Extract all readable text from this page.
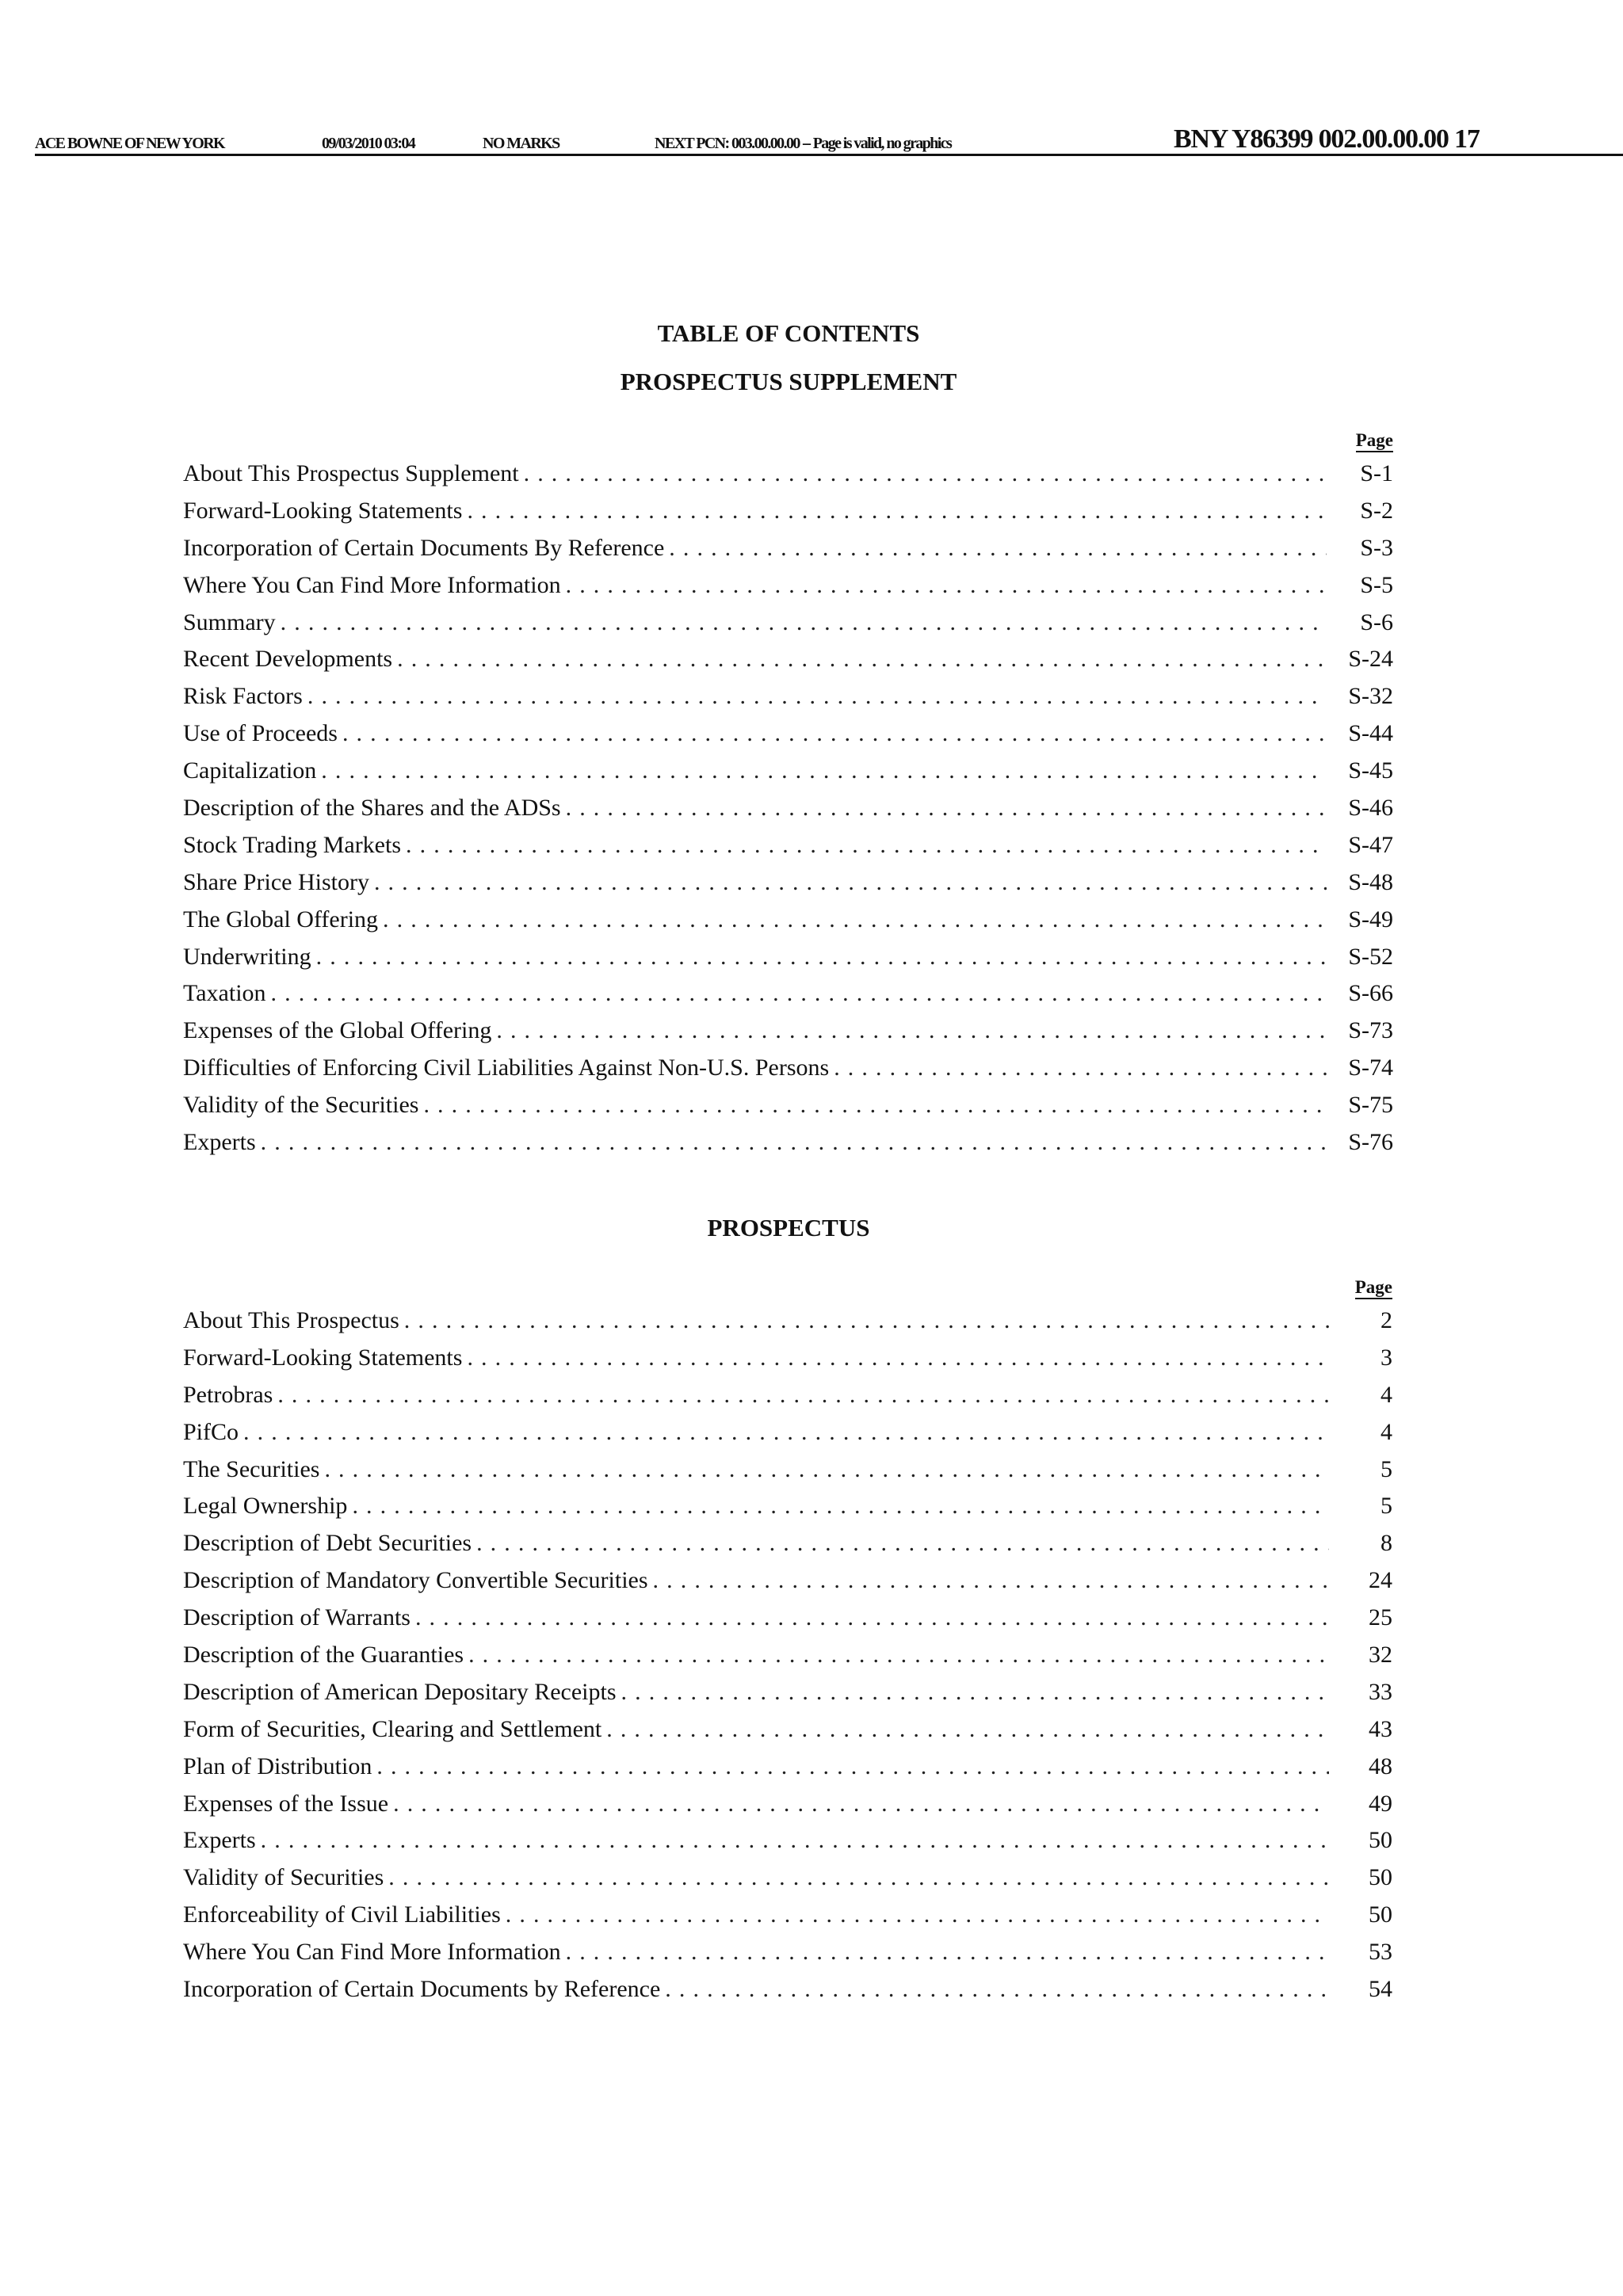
ACE BOWNE OF NEW YORK	09/03/2010 03:04	NO MARKS	NEXT PCN: 003.00.00.00 -- Page is valid, no graphics	BNY Y86399 002.00.00.00 17
TABLE OF CONTENTS
PROSPECTUS SUPPLEMENT
Page
About This Prospectus Supplement . . .	S-1
Forward-Looking Statements . . .	S-2
Incorporation of Certain Documents By Reference . . .	S-3
Where You Can Find More Information . . .	S-5
Summary . . .	S-6
Recent Developments . . .	S-24
Risk Factors . . .	S-32
Use of Proceeds . . .	S-44
Capitalization . . .	S-45
Description of the Shares and the ADSs . . .	S-46
Stock Trading Markets . . .	S-47
Share Price History . . .	S-48
The Global Offering . . .	S-49
Underwriting . . .	S-52
Taxation . . .	S-66
Expenses of the Global Offering . . .	S-73
Difficulties of Enforcing Civil Liabilities Against Non-U.S. Persons . . .	S-74
Validity of the Securities . . .	S-75
Experts . . .	S-76
PROSPECTUS
Page
About This Prospectus . . .	2
Forward-Looking Statements . . .	3
Petrobras . . .	4
PifCo . . .	4
The Securities . . .	5
Legal Ownership . . .	5
Description of Debt Securities . . .	8
Description of Mandatory Convertible Securities . . .	24
Description of Warrants . . .	25
Description of the Guaranties . . .	32
Description of American Depositary Receipts . . .	33
Form of Securities, Clearing and Settlement . . .	43
Plan of Distribution . . .	48
Expenses of the Issue . . .	49
Experts . . .	50
Validity of Securities . . .	50
Enforceability of Civil Liabilities . . .	50
Where You Can Find More Information . . .	53
Incorporation of Certain Documents by Reference . . .	54
